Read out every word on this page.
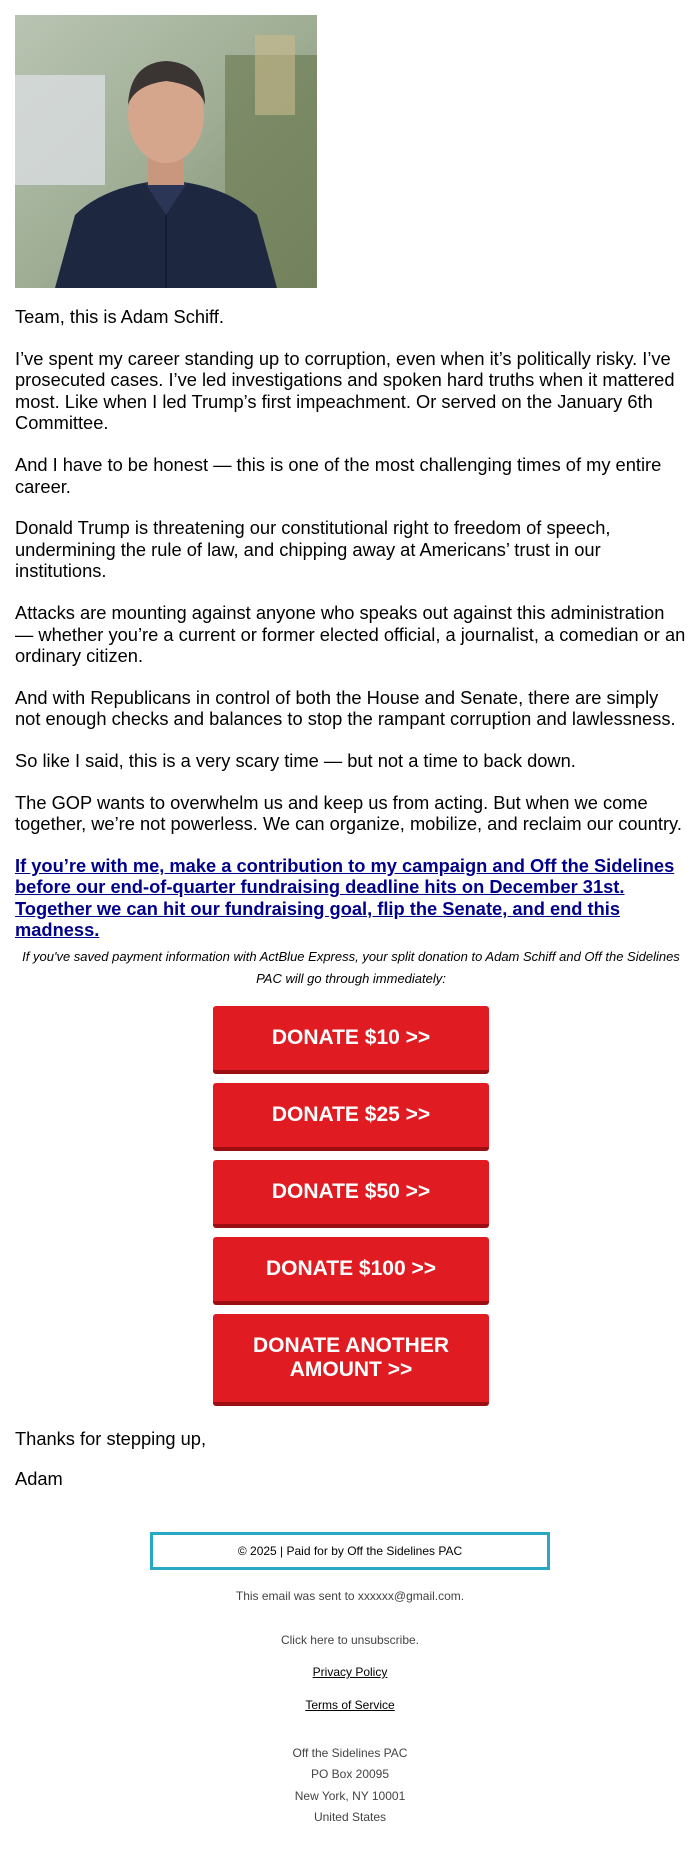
Team, this is Adam Schiff.

I’ve spent my career standing up to corruption, even when it’s politically risky. I’ve prosecuted cases. I’ve led investigations and spoken hard truths when it mattered most. Like when I led Trump’s first impeachment. Or served on the January 6th Committee.

And I have to be honest — this is one of the most challenging times of my entire career.

Donald Trump is threatening our constitutional right to freedom of speech, undermining the rule of law, and chipping away at Americans’ trust in our institutions.

Attacks are mounting against anyone who speaks out against this administration — whether you’re a current or former elected official, a journalist, a comedian or an ordinary citizen.

And with Republicans in control of both the House and Senate, there are simply not enough checks and balances to stop the rampant corruption and lawlessness.

So like I said, this is a very scary time — but not a time to back down.

The GOP wants to overwhelm us and keep us from acting. But when we come together, we’re not powerless. We can organize, mobilize, and reclaim our country.

If you’re with me, make a contribution to my campaign and Off the Sidelines before our end-of-quarter fundraising deadline hits on December 31st. Together we can hit our fundraising goal, flip the Senate, and end this madness.
If you've saved payment information with ActBlue Express, your split donation to Adam Schiff and Off the Sidelines PAC will go through immediately:
DONATE $10 >>
DONATE $25 >>
DONATE $50 >>
DONATE $100 >>
DONATE ANOTHER AMOUNT >>

Thanks for stepping up,

Adam

© 2025 | Paid for by Off the Sidelines PAC
This email was sent to xxxxxx@gmail.com.
Click here to unsubscribe.
Privacy Policy
Terms of Service
Off the Sidelines PAC
PO Box 20095
New York, NY 10001
United States
